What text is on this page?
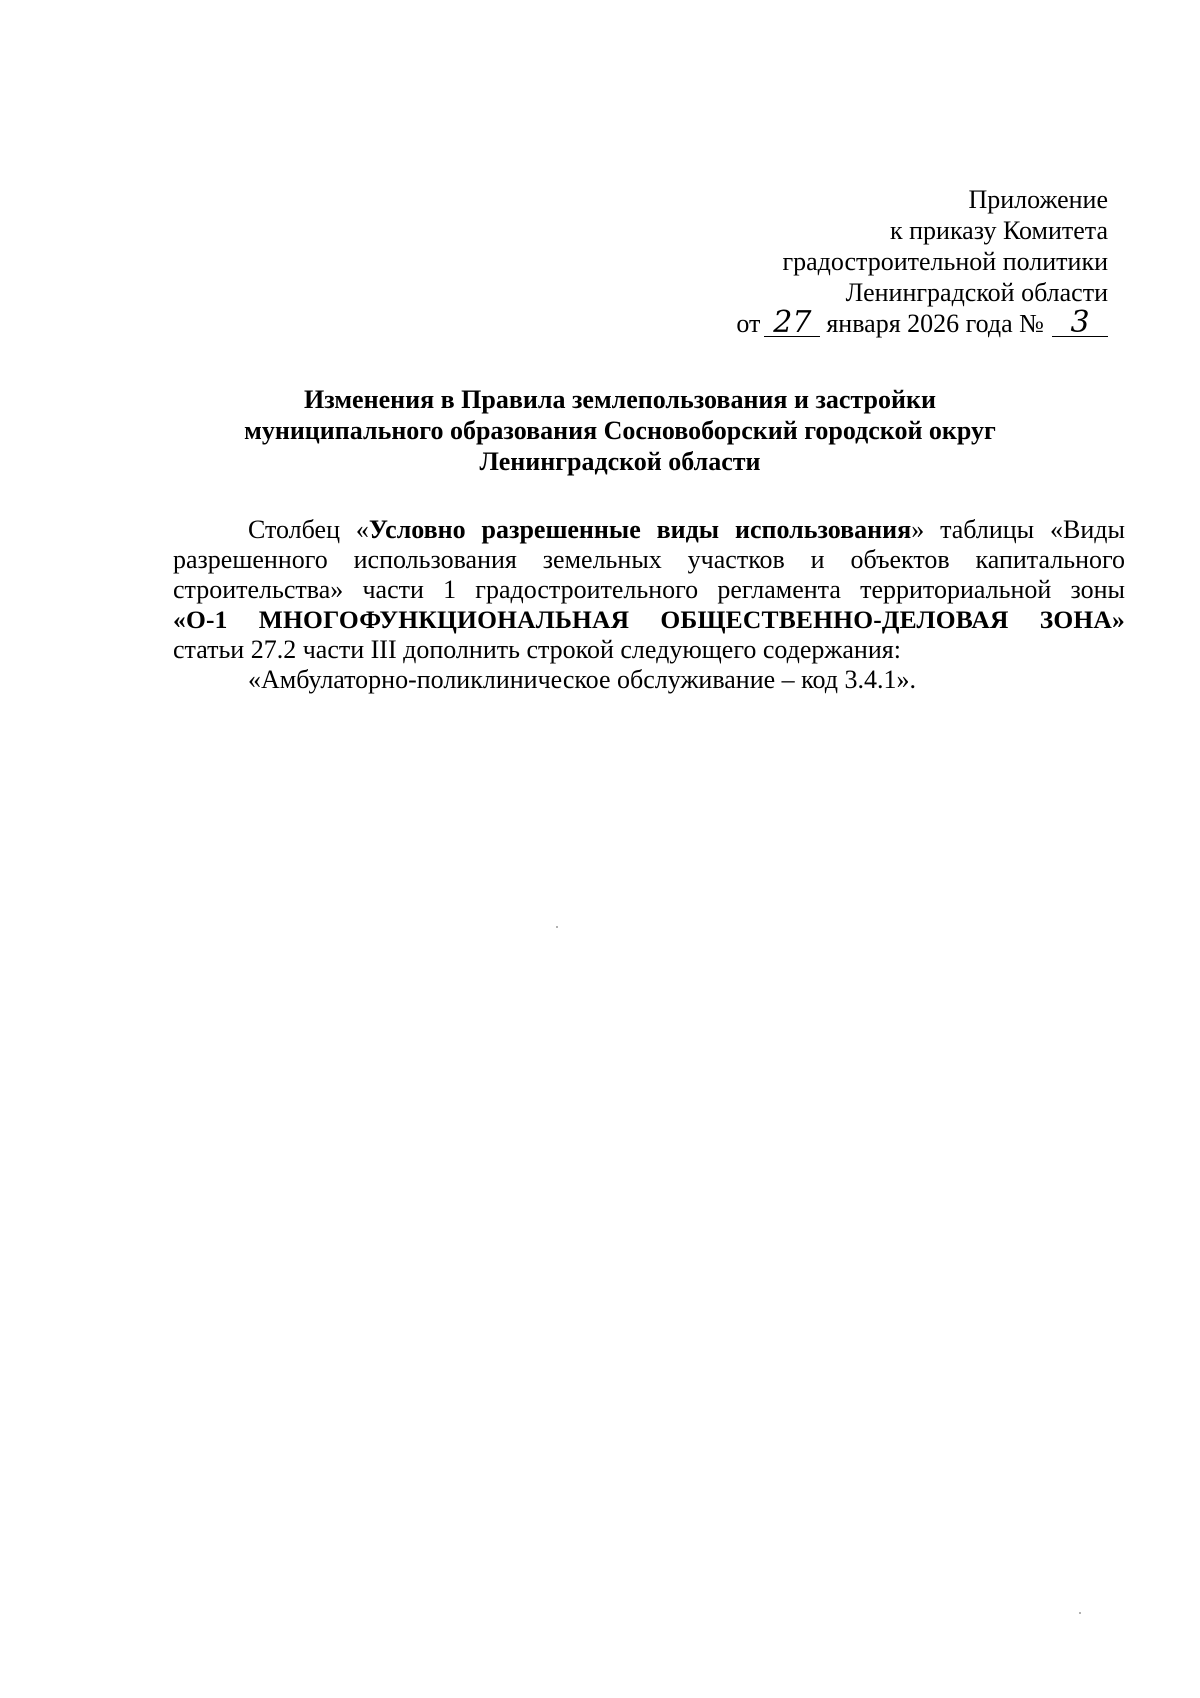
Приложение
к приказу Комитета
градостроительной политики
Ленинградской области
от 27 января 2026 года № 3
Изменения в Правила землепользования и застройки
муниципального образования Сосновоборский городской округ
Ленинградской области
Столбец «Условно разрешенные виды использования» таблицы «Виды
разрешенного использования земельных участков и объектов капитального
строительства» части 1 градостроительного регламента территориальной зоны
«О-1 МНОГОФУНКЦИОНАЛЬНАЯ ОБЩЕСТВЕННО-ДЕЛОВАЯ ЗОНА»
статьи 27.2 части III дополнить строкой следующего содержания:
«Амбулаторно-поликлиническое обслуживание – код 3.4.1».
